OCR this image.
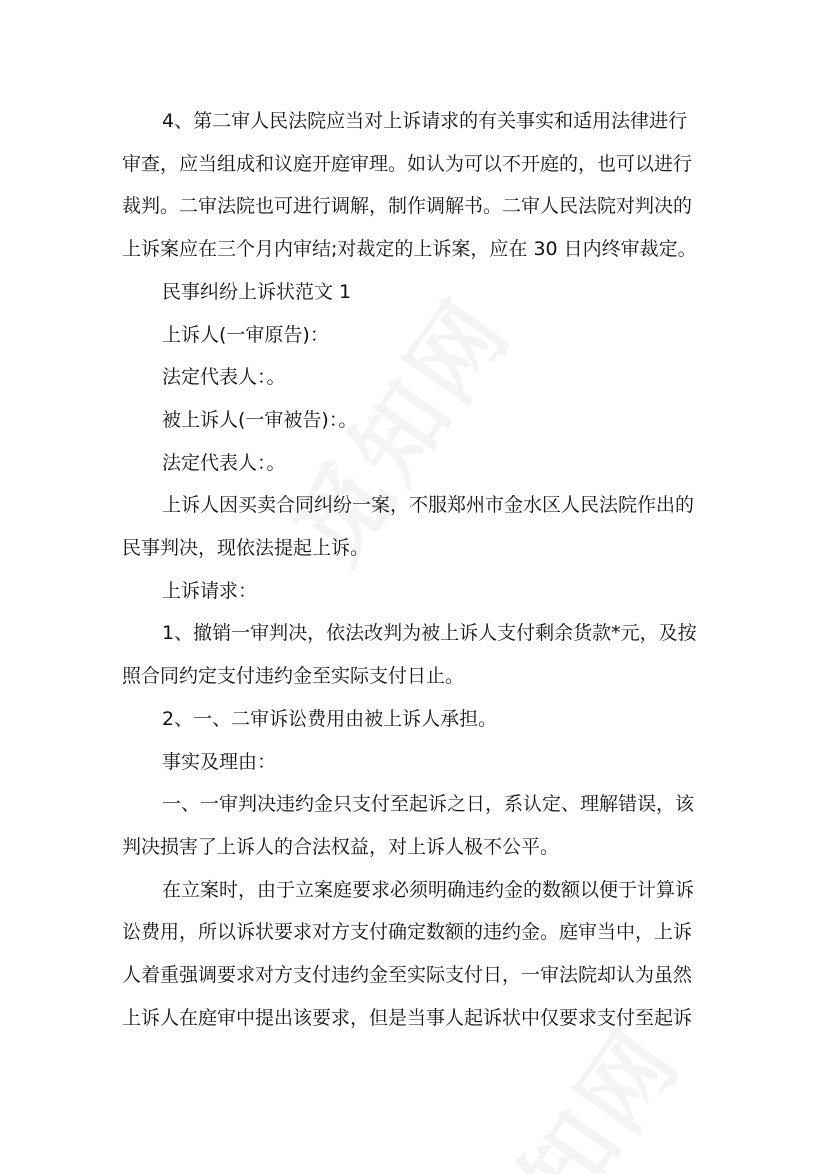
4、第二审人民法院应当对上诉请求的有关事实和适用法律进行
审查，应当组成和议庭开庭审理。如认为可以不开庭的，也可以进行
裁判。二审法院也可进行调解，制作调解书。二审人民法院对判决的
上诉案应在三个月内审结;对裁定的上诉案，应在 30 日内终审裁定。

民事纠纷上诉状范文 1

上诉人(一审原告)：

法定代表人：。

被上诉人(一审被告)：。

法定代表人：。

上诉人因买卖合同纠纷一案，不服郑州市金水区人民法院作出的
民事判决，现依法提起上诉。

上诉请求：

1、撤销一审判决，依法改判为被上诉人支付剩余货款*元，及按
照合同约定支付违约金至实际支付日止。

2、一、二审诉讼费用由被上诉人承担。

事实及理由：

一、一审判决违约金只支付至起诉之日，系认定、理解错误，该
判决损害了上诉人的合法权益，对上诉人极不公平。

在立案时，由于立案庭要求必须明确违约金的数额以便于计算诉
讼费用，所以诉状要求对方支付确定数额的违约金。庭审当中，上诉
人着重强调要求对方支付违约金至实际支付日，一审法院却认为虽然
上诉人在庭审中提出该要求，但是当事人起诉状中仅要求支付至起诉
